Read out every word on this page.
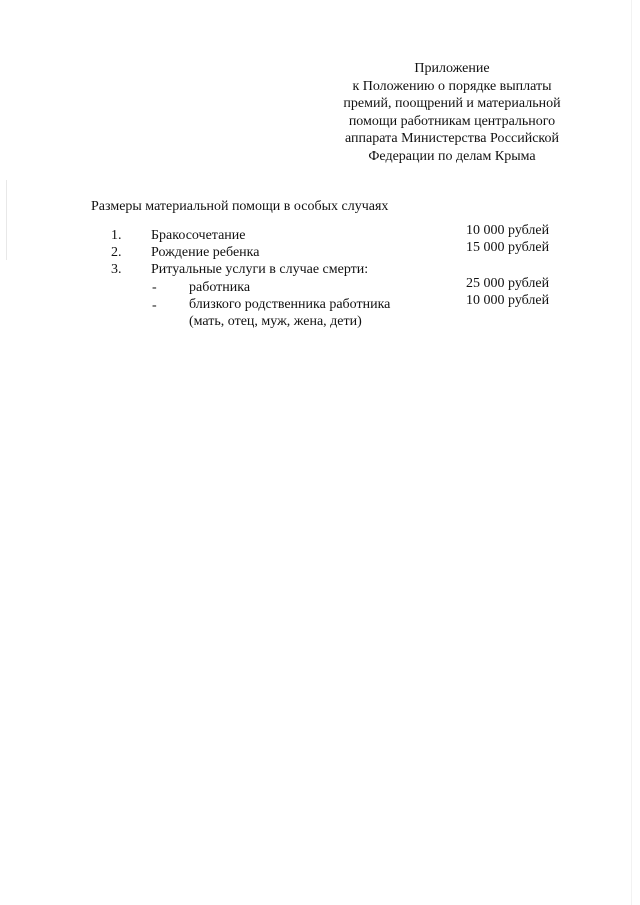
Приложение
к Положению о порядке выплаты
премий, поощрений и материальной
помощи работникам центрального
аппарата Министерства Российской
Федерации по делам Крыма
Размеры материальной помощи в особых случаях
1. Бракосочетание	10 000 рублей
2. Рождение ребенка	15 000 рублей
3. Ритуальные услуги в случае смерти:
- работника	25 000 рублей
- близкого родственника работника	10 000 рублей
(мать, отец, муж, жена, дети)
